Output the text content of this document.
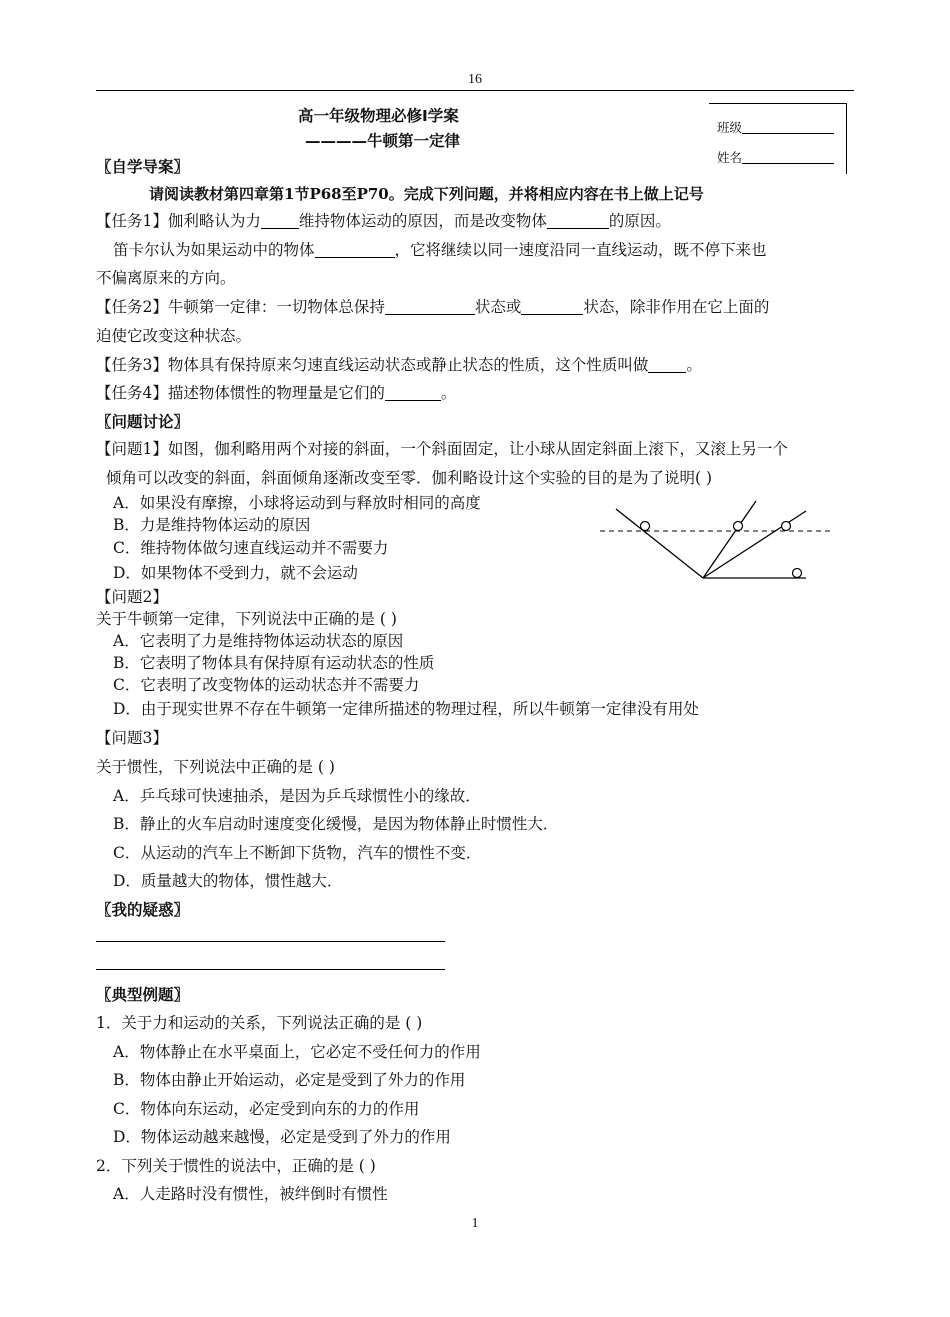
16
高一年级物理必修Ⅰ学案
————牛顿第一定律
班级
姓名
〖自学导案〗
请阅读教材第四章第1节P68至P70。完成下列问题，并将相应内容在书上做上记号
【任务1】伽利略认为力 维持物体运动的原因，而是改变物体	的原因。
笛卡尔认为如果运动中的物体	，它将继续以同一速度沿同一直线运动，既不停下来也
不偏离原来的方向。
【任务2】牛顿第一定律：一切物体总保持	状态或	状态，除非作用在它上面的
迫使它改变这种状态。
【任务3】物体具有保持原来匀速直线运动状态或静止状态的性质，这个性质叫做 。
【任务4】描述物体惯性的物理量是它们的	。
〖问题讨论〗
【问题1】如图，伽利略用两个对接的斜面，一个斜面固定，让小球从固定斜面上滚下，又滚上另一个
倾角可以改变的斜面，斜面倾角逐渐改变至零．伽利略设计这个实验的目的是为了说明( )
A．如果没有摩擦，小球将运动到与释放时相同的高度
B．力是维持物体运动的原因
C．维持物体做匀速直线运动并不需要力
D．如果物体不受到力，就不会运动
【问题2】
关于牛顿第一定律，下列说法中正确的是 ( )
A．它表明了力是维持物体运动状态的原因
B．它表明了物体具有保持原有运动状态的性质
C．它表明了改变物体的运动状态并不需要力
D．由于现实世界不存在牛顿第一定律所描述的物理过程，所以牛顿第一定律没有用处
【问题3】
关于惯性，下列说法中正确的是 ( )
A．乒乓球可快速抽杀，是因为乒乓球惯性小的缘故．
B．静止的火车启动时速度变化缓慢，是因为物体静止时惯性大．
C．从运动的汽车上不断卸下货物，汽车的惯性不变．
D．质量越大的物体，惯性越大．
〖我的疑惑〗
〖典型例题〗
1．关于力和运动的关系，下列说法正确的是 ( )
A．物体静止在水平桌面上，它必定不受任何力的作用
B．物体由静止开始运动，必定是受到了外力的作用
C．物体向东运动，必定受到向东的力的作用
D．物体运动越来越慢，必定是受到了外力的作用
2．下列关于惯性的说法中，正确的是 ( )
A．人走路时没有惯性，被绊倒时有惯性
1
